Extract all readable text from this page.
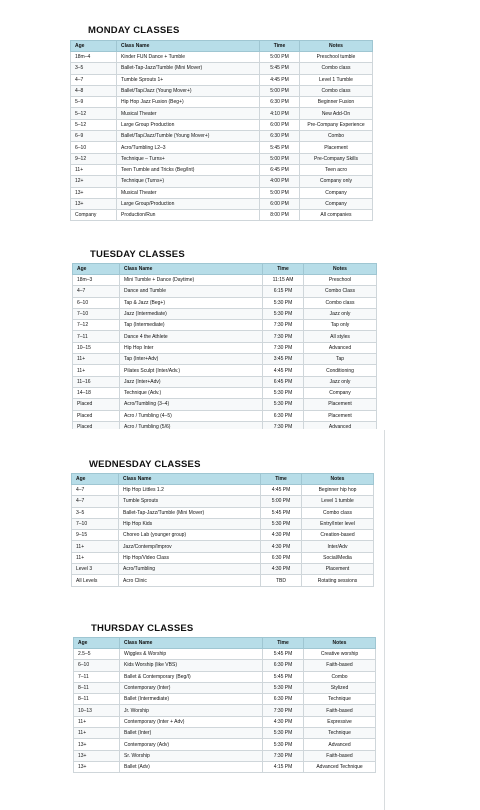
MONDAY CLASSES
Age	Class Name	Time	Notes
18m–4	Kinder FUN Dance + Tumble	5:00 PM	Preschool tumble
3–5	Ballet-Tap-Jazz/Tumble (Mini Mover)	5:45 PM	Combo class
4–7	Tumble Sprouts 1+	4:45 PM	Level 1 Tumble
4–8	Ballet/Tap/Jazz (Young Mover+)	5:00 PM	Combo class
5–9	Hip Hop Jazz Fusion (Beg+)	6:30 PM	Beginner Fusion
5–12	Musical Theater	4:10 PM	New Add-On
5–12	Large Group Production	6:00 PM	Pre-Company Experience
6–9	Ballet/Tap/Jazz/Tumble (Young Mover+)	6:30 PM	Combo
6–10	Acro/Tumbling L2–3	5:45 PM	Placement
9–12	Technique – Turns+	5:00 PM	Pre-Company Skills
11+	Teen Tumble and Tricks (Beg/Int)	6:45 PM	Teen acro
12+	Technique (Turns+)	4:00 PM	Company only
13+	Musical Theater	5:00 PM	Company
13+	Large Group/Production	6:00 PM	Company
Company	Production/Run	8:00 PM	All companies
TUESDAY CLASSES
Age	Class Name	Time	Notes
18m–3	Mini Tumble + Dance (Daytime)	11:15 AM	Preschool
4–7	Dance and Tumble	6:15 PM	Combo Class
6–10	Tap & Jazz (Beg+)	5:30 PM	Combo class
7–10	Jazz (Intermediate)	5:30 PM	Jazz only
7–12	Tap (Intermediate)	7:30 PM	Tap only
7–11	Dance 4 the Athlete	7:30 PM	All styles
10–15	Hip Hop Inter	7:30 PM	Advanced
11+	Tap (Inter+Adv)	3:45 PM	Tap
11+	Pilates Sculpt (Inter/Adv.)	4:45 PM	Conditioning
11–16	Jazz (Inter+Adv)	6:45 PM	Jazz only
14–18	Technique (Adv.)	5:30 PM	Company
Placed	Acro/Tumbling (3–4)	5:30 PM	Placement
Placed	Acro / Tumbling (4–5)	6:30 PM	Placement
Placed	Acro / Tumbling (5/6)	7:30 PM	Advanced
WEDNESDAY CLASSES
Age	Class Name	Time	Notes
4–7	Hip Hop Littles 1.2	4:45 PM	Beginner hip hop
4–7	Tumble Sprouts	5:00 PM	Level 1 tumble
3–5	Ballet-Tap-Jazz/Tumble (Mini Mover)	5:45 PM	Combo class
7–10	Hip Hop Kids	5:30 PM	Entry/Inter level
9–15	Choreo Lab (younger group)	4:30 PM	Creation-based
11+	Jazz/Contemp/Improv	4:30 PM	Inter/Adv
11+	Hip Hop/Video Class	6:30 PM	Social/Media
Level 3	Acro/Tumbling	4:30 PM	Placement
All Levels	Acro Clinic	TBD	Rotating sessions
THURSDAY CLASSES
Age	Class Name	Time	Notes
2.5–5	Wiggles & Worship	5:45 PM	Creative worship
6–10	Kids Worship (like VBS)	6:30 PM	Faith-based
7–11	Ballet & Contemporary (Beg/I)	5:45 PM	Combo
8–11	Contemporary (Inter)	5:30 PM	Stylized
8–11	Ballet (Intermediate)	6:30 PM	Technique
10–13	Jr. Worship	7:30 PM	Faith-based
11+	Contemporary (Inter + Adv)	4:30 PM	Expressive
11+	Ballet (Inter)	5:30 PM	Technique
13+	Contemporary (Adv)	5:30 PM	Advanced
13+	Sr. Worship	7:30 PM	Faith-based
13+	Ballet (Adv)	4:15 PM	Advanced Technique
